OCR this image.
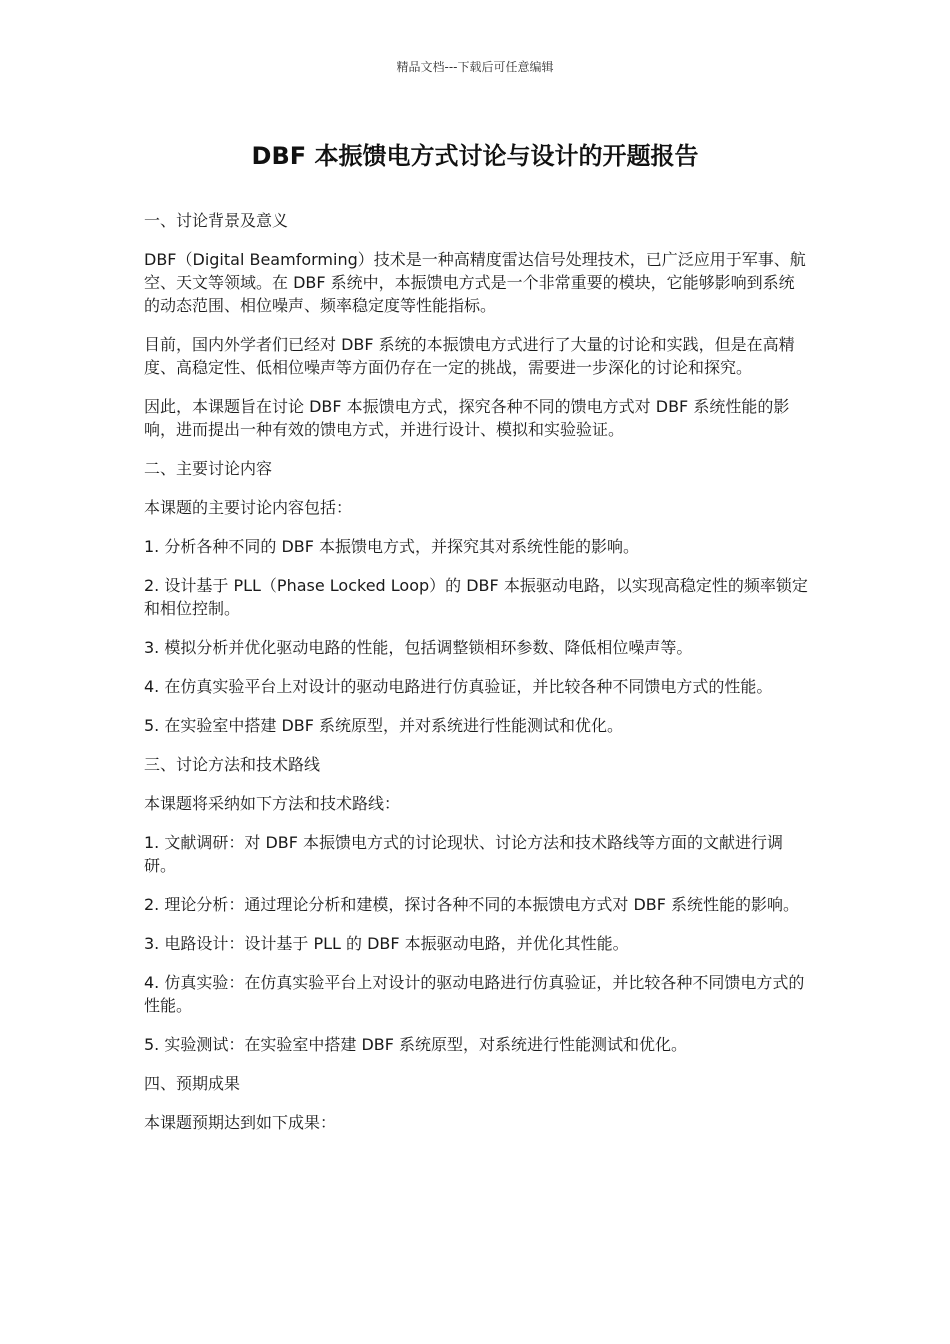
精品文档---下载后可任意编辑
DBF 本振馈电方式讨论与设计的开题报告

一、讨论背景及意义

DBF（Digital Beamforming）技术是一种高精度雷达信号处理技术，已广泛应用于军事、航空、天文等领域。在 DBF 系统中，本振馈电方式是一个非常重要的模块，它能够影响到系统的动态范围、相位噪声、频率稳定度等性能指标。

目前，国内外学者们已经对 DBF 系统的本振馈电方式进行了大量的讨论和实践，但是在高精度、高稳定性、低相位噪声等方面仍存在一定的挑战，需要进一步深化的讨论和探究。

因此，本课题旨在讨论 DBF 本振馈电方式，探究各种不同的馈电方式对 DBF 系统性能的影响，进而提出一种有效的馈电方式，并进行设计、模拟和实验验证。

二、主要讨论内容

本课题的主要讨论内容包括：

1. 分析各种不同的 DBF 本振馈电方式，并探究其对系统性能的影响。

2. 设计基于 PLL（Phase Locked Loop）的 DBF 本振驱动电路，以实现高稳定性的频率锁定和相位控制。

3. 模拟分析并优化驱动电路的性能，包括调整锁相环参数、降低相位噪声等。

4. 在仿真实验平台上对设计的驱动电路进行仿真验证，并比较各种不同馈电方式的性能。

5. 在实验室中搭建 DBF 系统原型，并对系统进行性能测试和优化。

三、讨论方法和技术路线

本课题将采纳如下方法和技术路线：

1. 文献调研：对 DBF 本振馈电方式的讨论现状、讨论方法和技术路线等方面的文献进行调研。

2. 理论分析：通过理论分析和建模，探讨各种不同的本振馈电方式对 DBF 系统性能的影响。

3. 电路设计：设计基于 PLL 的 DBF 本振驱动电路，并优化其性能。

4. 仿真实验：在仿真实验平台上对设计的驱动电路进行仿真验证，并比较各种不同馈电方式的性能。

5. 实验测试：在实验室中搭建 DBF 系统原型，对系统进行性能测试和优化。

四、预期成果

本课题预期达到如下成果：
